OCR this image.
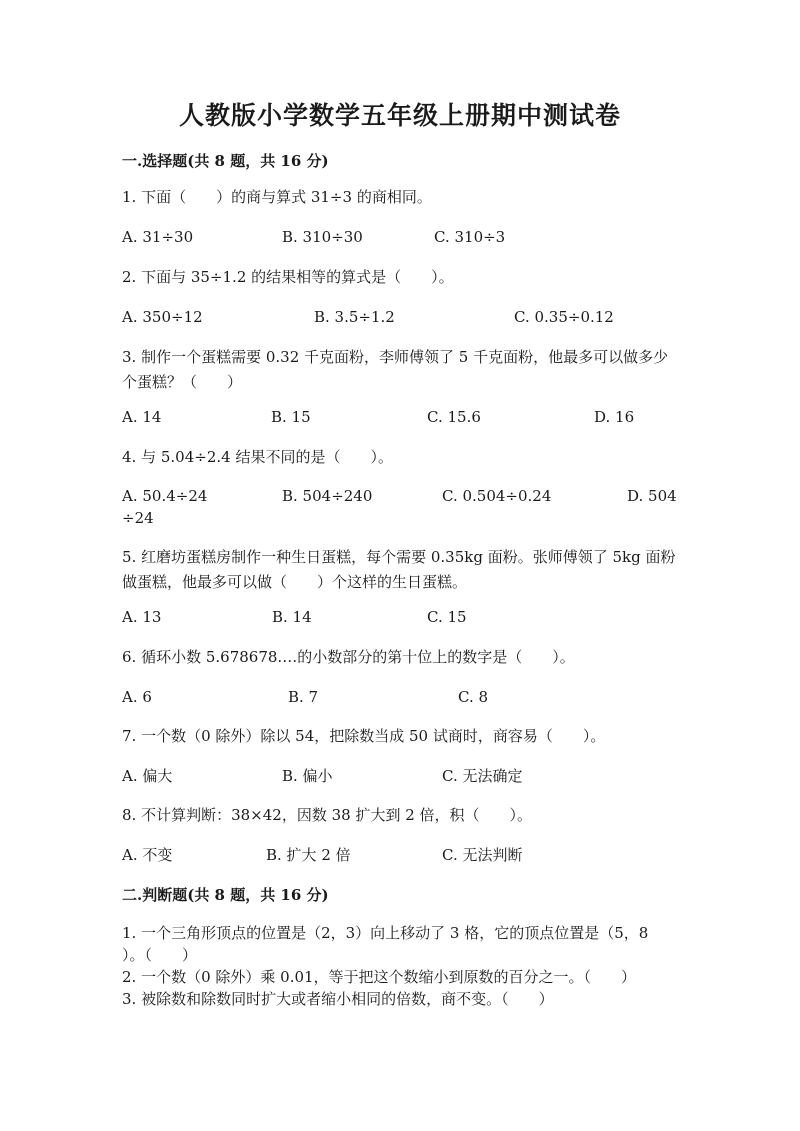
人教版小学数学五年级上册期中测试卷
一.选择题(共 8 题，共 16 分)
1. 下面（　　）的商与算式 31÷3 的商相同。
A. 31÷30	B. 310÷30	C. 310÷3
2. 下面与 35÷1.2 的结果相等的算式是（　　）。
A. 350÷12	B. 3.5÷1.2	C. 0.35÷0.12
3. 制作一个蛋糕需要 0.32 千克面粉，李师傅领了 5 千克面粉，他最多可以做多少个蛋糕？（　　）
A. 14	B. 15	C. 15.6	D. 16
4. 与 5.04÷2.4 结果不同的是（　　）。
A. 50.4÷24	B. 504÷240	C. 0.504÷0.24	D. 504
÷24
5. 红磨坊蛋糕房制作一种生日蛋糕，每个需要 0.35kg 面粉。张师傅领了 5kg 面粉做蛋糕，他最多可以做（　　）个这样的生日蛋糕。
A. 13	B. 14	C. 15
6. 循环小数 5.678678.…的小数部分的第十位上的数字是（　　）。
A. 6	B. 7	C. 8
7. 一个数（0 除外）除以 54，把除数当成 50 试商时，商容易（　　）。
A. 偏大	B. 偏小	C. 无法确定
8. 不计算判断：38×42，因数 38 扩大到 2 倍，积（　　）。
A. 不变	B. 扩大 2 倍	C. 无法判断
二.判断题(共 8 题，共 16 分)
1. 一个三角形顶点的位置是（2，3）向上移动了 3 格，它的顶点位置是（5，8 ）。（　　）
2. 一个数（0 除外）乘 0.01，等于把这个数缩小到原数的百分之一。（　　）
3. 被除数和除数同时扩大或者缩小相同的倍数，商不变。（　　）
